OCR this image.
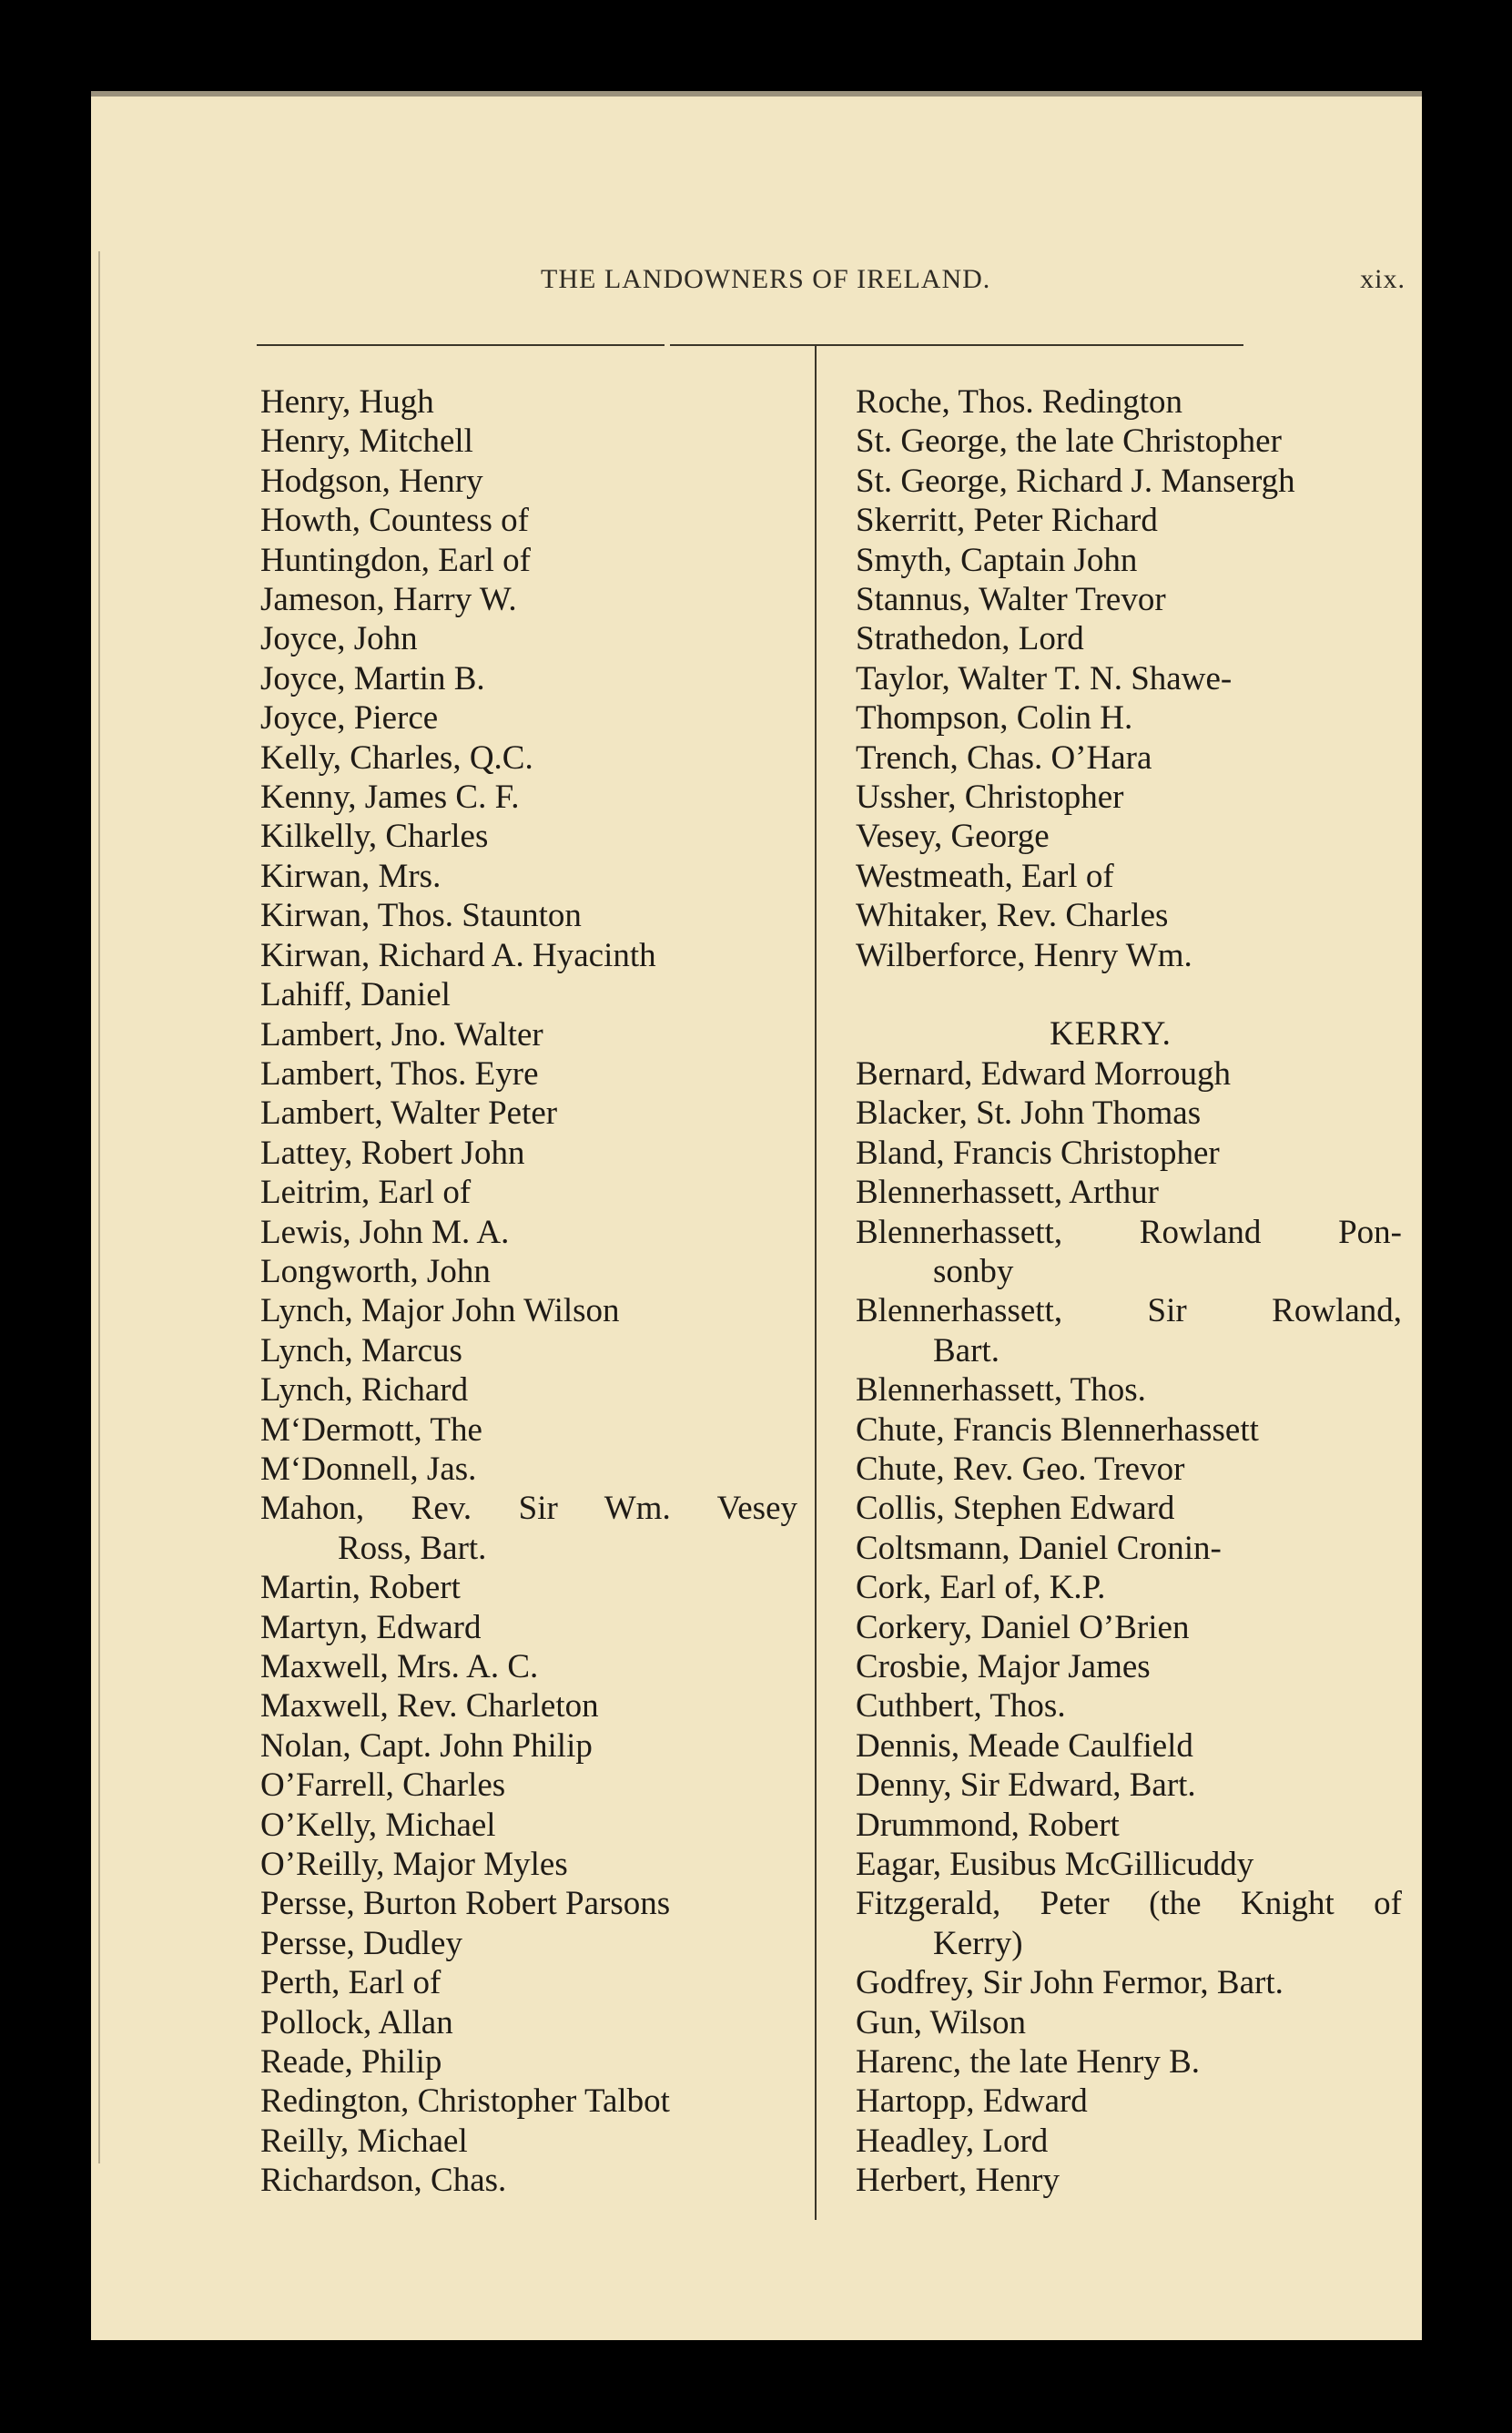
THE LANDOWNERS OF IRELAND.	xix.
Henry, Hugh
Henry, Mitchell
Hodgson, Henry
Howth, Countess of
Huntingdon, Earl of
Jameson, Harry W.
Joyce, John
Joyce, Martin B.
Joyce, Pierce
Kelly, Charles, Q.C.
Kenny, James C. F.
Kilkelly, Charles
Kirwan, Mrs.
Kirwan, Thos. Staunton
Kirwan, Richard A. Hyacinth
Lahiff, Daniel
Lambert, Jno. Walter
Lambert, Thos. Eyre
Lambert, Walter Peter
Lattey, Robert John
Leitrim, Earl of
Lewis, John M. A.
Longworth, John
Lynch, Major John Wilson
Lynch, Marcus
Lynch, Richard
M‘Dermott, The
M‘Donnell, Jas.
Mahon, Rev. Sir Wm. Vesey
Ross, Bart.
Martin, Robert
Martyn, Edward
Maxwell, Mrs. A. C.
Maxwell, Rev. Charleton
Nolan, Capt. John Philip
O’Farrell, Charles
O’Kelly, Michael
O’Reilly, Major Myles
Persse, Burton Robert Parsons
Persse, Dudley
Perth, Earl of
Pollock, Allan
Reade, Philip
Redington, Christopher Talbot
Reilly, Michael
Richardson, Chas.
Roche, Thos. Redington
St. George, the late Christopher
St. George, Richard J. Mansergh
Skerritt, Peter Richard
Smyth, Captain John
Stannus, Walter Trevor
Strathedon, Lord
Taylor, Walter T. N. Shawe-
Thompson, Colin H.
Trench, Chas. O’Hara
Ussher, Christopher
Vesey, George
Westmeath, Earl of
Whitaker, Rev. Charles
Wilberforce, Henry Wm.
KERRY.
Bernard, Edward Morrough
Blacker, St. John Thomas
Bland, Francis Christopher
Blennerhassett, Arthur
Blennerhassett, Rowland Pon-
sonby
Blennerhassett, Sir Rowland,
Bart.
Blennerhassett, Thos.
Chute, Francis Blennerhassett
Chute, Rev. Geo. Trevor
Collis, Stephen Edward
Coltsmann, Daniel Cronin-
Cork, Earl of, K.P.
Corkery, Daniel O’Brien
Crosbie, Major James
Cuthbert, Thos.
Dennis, Meade Caulfield
Denny, Sir Edward, Bart.
Drummond, Robert
Eagar, Eusibus McGillicuddy
Fitzgerald, Peter (the Knight of
Kerry)
Godfrey, Sir John Fermor, Bart.
Gun, Wilson
Harenc, the late Henry B.
Hartopp, Edward
Headley, Lord
Herbert, Henry
